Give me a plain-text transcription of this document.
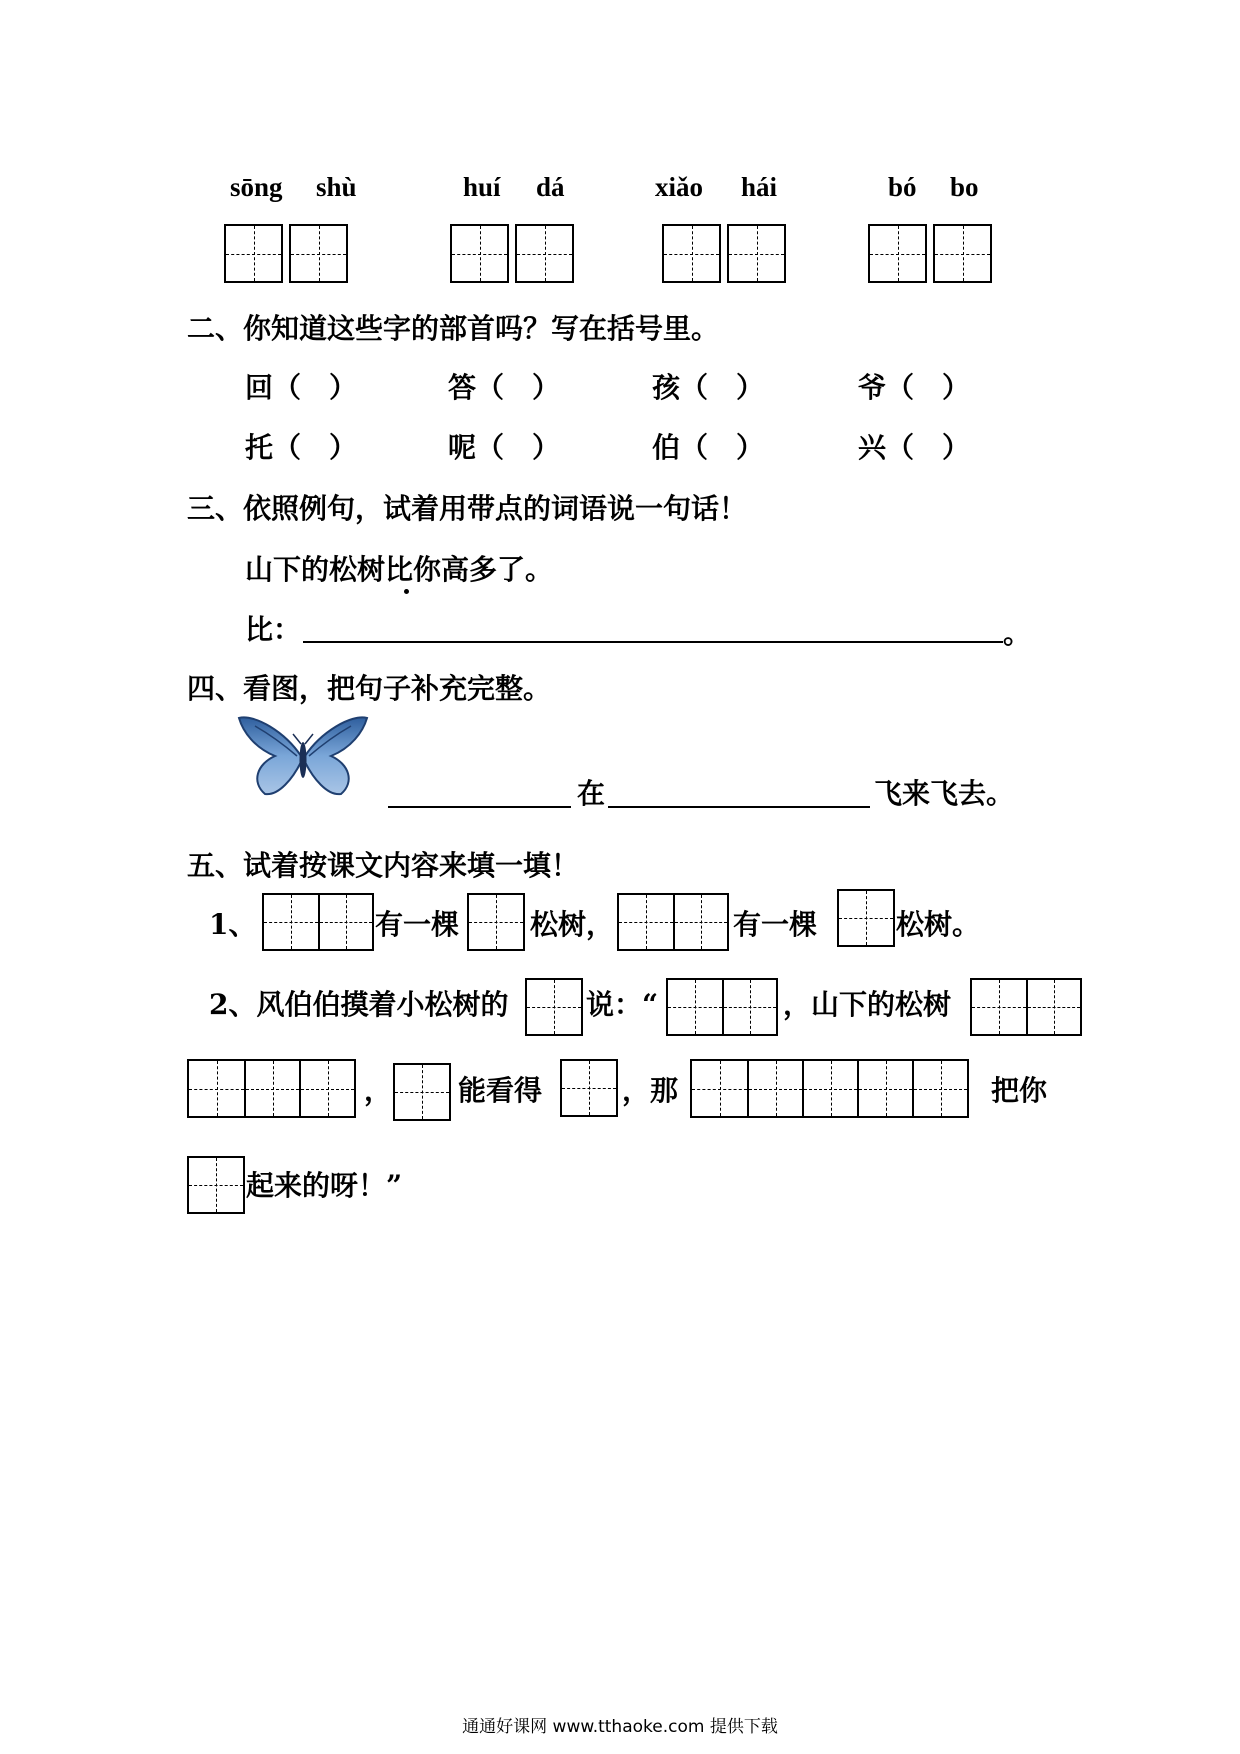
sōng shù	huí dá	xiǎo hái	bó bo
二、你知道这些字的部首吗？写在括号里。
回（　）	答（　）	孩（　）	爷（　）
托（　）	呢（　）	伯（　）	兴（　）
三、依照例句，试着用带点的词语说一句话！
山下的松树比你高多了。
比：	。
四、看图，把句子补充完整。
在	飞来飞去。
五、试着按课文内容来填一填！
1、	有一棵	松树，	有一棵	松树。
2、风伯伯摸着小松树的	说：“	，山下的松树
， 能看得	，那	把你
起来的呀！”
通通好课网 www.tthaoke.com 提供下载
